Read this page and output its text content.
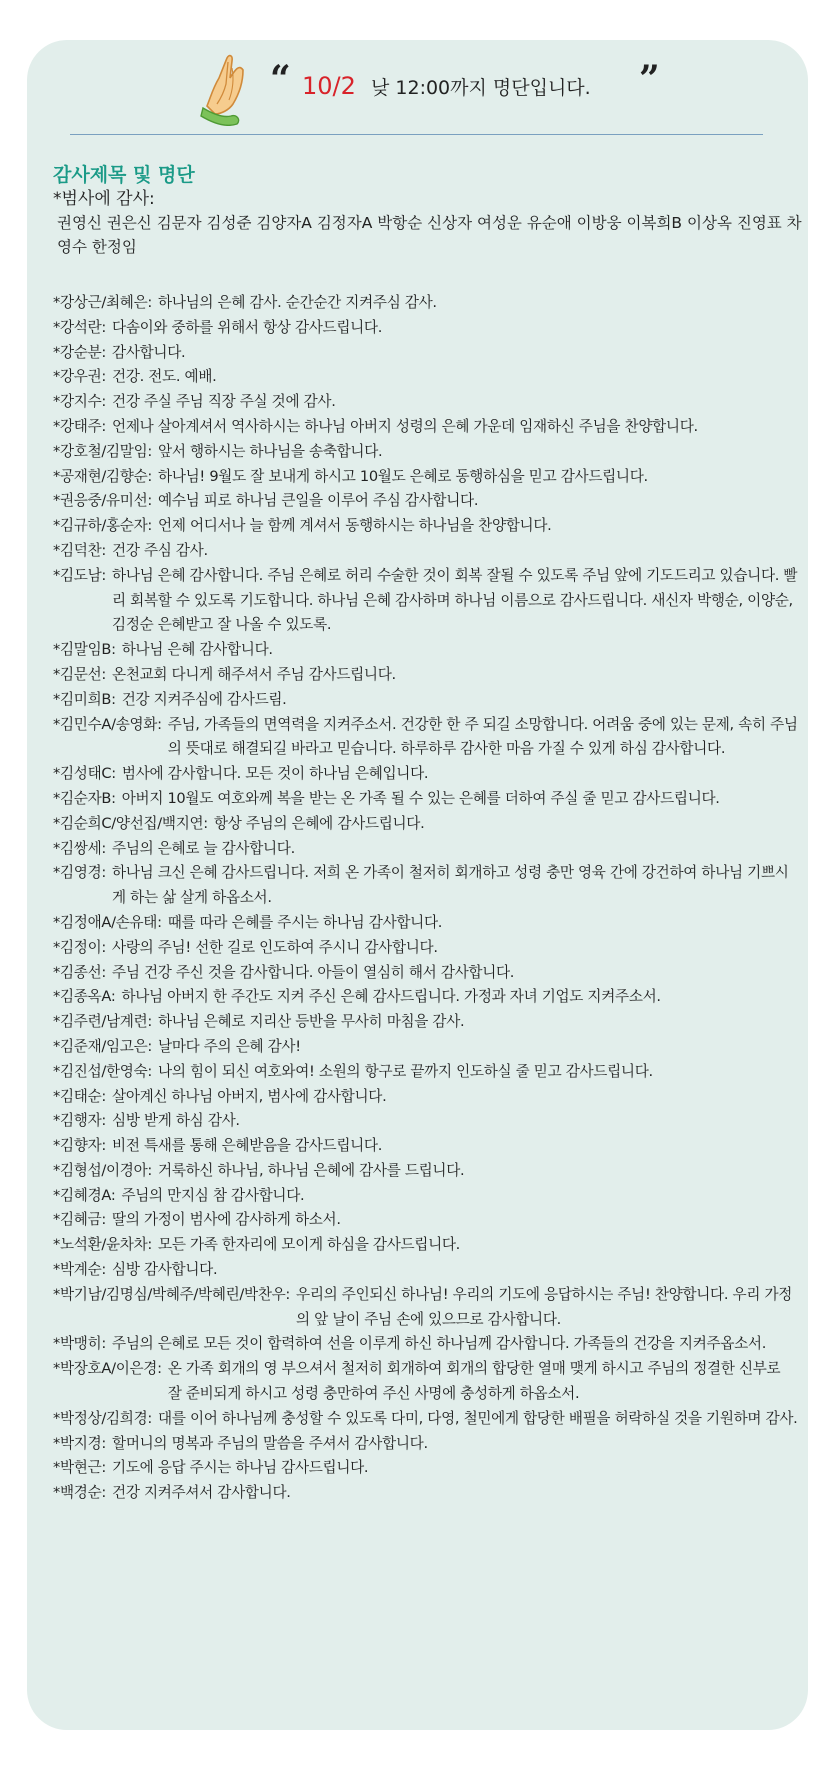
“ 10/2 낮 12:00까지 명단입니다. ”
감사제목 및 명단
*범사에 감사:
권영신 권은신 김문자 김성준 김양자A 김정자A 박항순 신상자 여성운 유순애 이방웅 이복희B 이상옥 진영표 차영수 한정임
*강상근/최혜은: 하나님의 은혜 감사. 순간순간 지켜주심 감사.
*강석란: 다솜이와 중하를 위해서 항상 감사드립니다.
*강순분: 감사합니다.
*강우권: 건강. 전도. 예배.
*강지수: 건강 주실 주님 직장 주실 것에 감사.
*강태주: 언제나 살아계셔서 역사하시는 하나님 아버지 성령의 은혜 가운데 임재하신 주님을 찬양합니다.
*강호철/김말임: 앞서 행하시는 하나님을 송축합니다.
*공재현/김향순: 하나님! 9월도 잘 보내게 하시고 10월도 은혜로 동행하심을 믿고 감사드립니다.
*권응중/유미선: 예수님 피로 하나님 큰일을 이루어 주심 감사합니다.
*김규하/홍순자: 언제 어디서나 늘 함께 계셔서 동행하시는 하나님을 찬양합니다.
*김덕찬: 건강 주심 감사.
*김도남: 하나님 은혜 감사합니다. 주님 은혜로 허리 수술한 것이 회복 잘될 수 있도록 주님 앞에 기도드리고 있습니다. 빨리 회복할 수 있도록 기도합니다. 하나님 은혜 감사하며 하나님 이름으로 감사드립니다. 새신자 박행순, 이양순, 김정순 은혜받고 잘 나올 수 있도록.
*김말임B: 하나님 은혜 감사합니다.
*김문선: 온천교회 다니게 해주셔서 주님 감사드립니다.
*김미희B: 건강 지켜주심에 감사드림.
*김민수A/송영화: 주님, 가족들의 면역력을 지켜주소서. 건강한 한 주 되길 소망합니다. 어려움 중에 있는 문제, 속히 주님의 뜻대로 해결되길 바라고 믿습니다. 하루하루 감사한 마음 가질 수 있게 하심 감사합니다.
*김성태C: 범사에 감사합니다. 모든 것이 하나님 은혜입니다.
*김순자B: 아버지 10월도 여호와께 복을 받는 온 가족 될 수 있는 은혜를 더하여 주실 줄 믿고 감사드립니다.
*김순희C/양선집/백지연: 항상 주님의 은혜에 감사드립니다.
*김쌍세: 주님의 은혜로 늘 감사합니다.
*김영경: 하나님 크신 은혜 감사드립니다. 저희 온 가족이 철저히 회개하고 성령 충만 영육 간에 강건하여 하나님 기쁘시게 하는 삶 살게 하옵소서.
*김정애A/손유태: 때를 따라 은혜를 주시는 하나님 감사합니다.
*김정이: 사랑의 주님! 선한 길로 인도하여 주시니 감사합니다.
*김종선: 주님 건강 주신 것을 감사합니다. 아들이 열심히 해서 감사합니다.
*김종옥A: 하나님 아버지 한 주간도 지켜 주신 은혜 감사드립니다. 가정과 자녀 기업도 지켜주소서.
*김주련/남계련: 하나님 은혜로 지리산 등반을 무사히 마침을 감사.
*김준재/임고은: 날마다 주의 은혜 감사!
*김진섭/한영숙: 나의 힘이 되신 여호와여! 소원의 항구로 끝까지 인도하실 줄 믿고 감사드립니다.
*김태순: 살아계신 하나님 아버지, 범사에 감사합니다.
*김행자: 심방 받게 하심 감사.
*김향자: 비전 특새를 통해 은혜받음을 감사드립니다.
*김형섭/이경아: 거룩하신 하나님, 하나님 은혜에 감사를 드립니다.
*김혜경A: 주님의 만지심 참 감사합니다.
*김혜금: 딸의 가정이 범사에 감사하게 하소서.
*노석환/윤차차: 모든 가족 한자리에 모이게 하심을 감사드립니다.
*박계순: 심방 감사합니다.
*박기남/김명심/박혜주/박혜린/박찬우: 우리의 주인되신 하나님! 우리의 기도에 응답하시는 주님! 찬양합니다. 우리 가정의 앞 날이 주님 손에 있으므로 감사합니다.
*박맹히: 주님의 은혜로 모든 것이 합력하여 선을 이루게 하신 하나님께 감사합니다. 가족들의 건강을 지켜주옵소서.
*박장호A/이은경: 온 가족 회개의 영 부으셔서 철저히 회개하여 회개의 합당한 열매 맺게 하시고 주님의 정결한 신부로 잘 준비되게 하시고 성령 충만하여 주신 사명에 충성하게 하옵소서.
*박정상/김희경: 대를 이어 하나님께 충성할 수 있도록 다미, 다영, 철민에게 합당한 배필을 허락하실 것을 기원하며 감사.
*박지경: 할머니의 명복과 주님의 말씀을 주셔서 감사합니다.
*박현근: 기도에 응답 주시는 하나님 감사드립니다.
*백경순: 건강 지켜주셔서 감사합니다.
